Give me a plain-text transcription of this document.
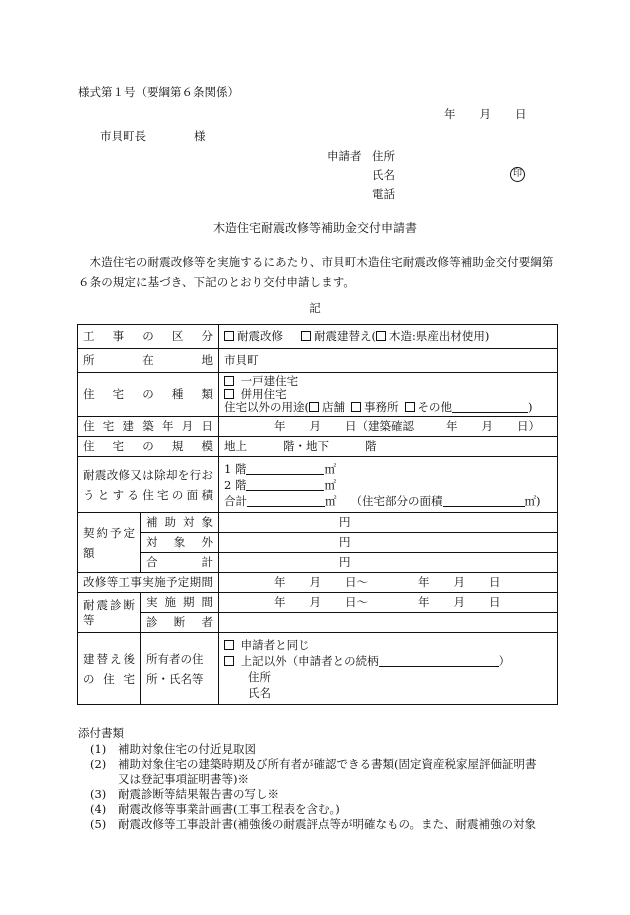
様式第１号（要綱第６条関係）
年 月 日
市貝町長	様
申請者 住所
氏名	印
電話
木造住宅耐震改修等補助金交付申請書
木造住宅の耐震改修等を実施するにあたり、市貝町木造住宅耐震改修等補助金交付要綱第６条の規定に基づき、下記のとおり交付申請します。
記
工事の区分		耐震改修 耐震建替え( 木造:県産出材使用)
所在地		市貝町
住宅の種類		一戸建住宅
併用住宅
住宅以外の用途( 店舗 事務所 その他 )

住宅建築年月日		年 月 日（建築確認 年 月 日）
住宅の規模		地上 階・地下 階
耐震改修又は除却を行おうとする住宅の面積		1 階 ㎡
2 階 ㎡
合計 ㎡ （住宅部分の面積 ㎡)

契約予定額	補助対象	円
	対象外	円
	合計	円
改修等工事実施予定期間		年 月 日～ 年 月 日
耐震診断等	実施期間	年 月 日～ 年 月 日
	診断者	
建替え後の住宅	所有者の住所・氏名等	申請者と同じ
上記以外（申請者との続柄 ）
住所
氏名
添付書類
(1) 補助対象住宅の付近見取図
(2) 補助対象住宅の建築時期及び所有者が確認できる書類(固定資産税家屋評価証明書
又は登記事項証明書等)※
(3) 耐震診断等結果報告書の写し※
(4) 耐震改修等事業計画書(工事工程表を含む。)
(5) 耐震改修等工事設計書(補強後の耐震評点等が明確なもの。また、耐震補強の対象
